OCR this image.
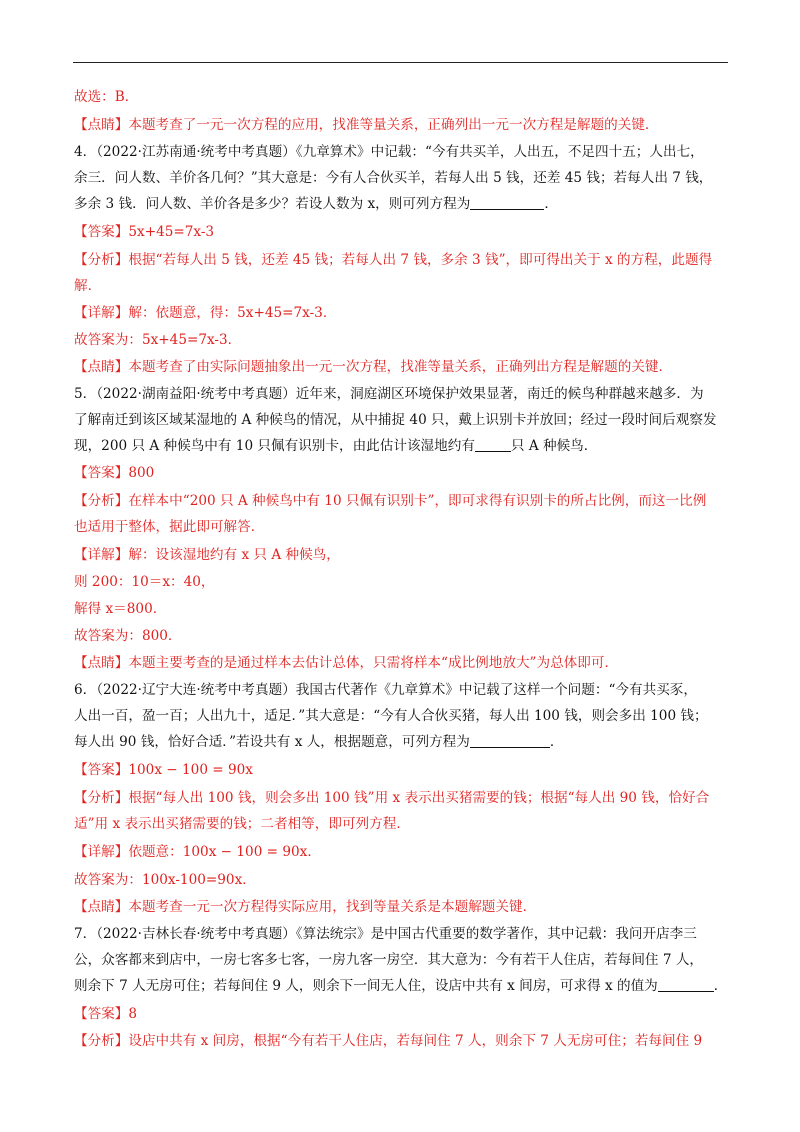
故选：B．
【点睛】本题考查了一元一次方程的应用，找准等量关系，正确列出一元一次方程是解题的关键．
4．（2022·江苏南通·统考中考真题）《九章算术》中记载：“今有共买羊，人出五，不足四十五；人出七，
余三．问人数、羊价各几何？”其大意是：今有人合伙买羊，若每人出 5 钱，还差 45 钱；若每人出 7 钱，
多余 3 钱．问人数、羊价各是多少？若设人数为 x，则可列方程为	．
【答案】5x+45=7x-3
【分析】根据“若每人出 5 钱，还差 45 钱；若每人出 7 钱，多余 3 钱”，即可得出关于 x 的方程，此题得
解．
【详解】解：依题意，得：5x+45=7x-3．
故答案为：5x+45=7x-3．
【点睛】本题考查了由实际问题抽象出一元一次方程，找准等量关系，正确列出方程是解题的关键．
5．（2022·湖南益阳·统考中考真题）近年来，洞庭湖区环境保护效果显著，南迁的候鸟种群越来越多．为
了解南迁到该区域某湿地的 A 种候鸟的情况，从中捕捉 40 只，戴上识别卡并放回；经过一段时间后观察发
现，200 只 A 种候鸟中有 10 只佩有识别卡，由此估计该湿地约有	只 A 种候鸟．
【答案】800
【分析】在样本中“200 只 A 种候鸟中有 10 只佩有识别卡”，即可求得有识别卡的所占比例，而这一比例
也适用于整体，据此即可解答．
【详解】解：设该湿地约有 x 只 A 种候鸟，
则 200：10＝x：40，
解得 x＝800．
故答案为：800．
【点睛】本题主要考查的是通过样本去估计总体，只需将样本“成比例地放大”为总体即可．
6．（2022·辽宁大连·统考中考真题）我国古代著作《九章算术》中记载了这样一个问题：“今有共买豕，
人出一百，盈一百；人出九十，适足．”其大意是：“今有人合伙买猪，每人出 100 钱，则会多出 100 钱；
每人出 90 钱，恰好合适．”若设共有 x 人，根据题意，可列方程为	．
【答案】100x − 100 = 90x
【分析】根据“每人出 100 钱，则会多出 100 钱”用 x 表示出买猪需要的钱；根据“每人出 90 钱，恰好合
适”用 x 表示出买猪需要的钱；二者相等，即可列方程．
【详解】依题意：100x − 100 = 90x．
故答案为：100x-100=90x．
【点睛】本题考查一元一次方程得实际应用，找到等量关系是本题解题关键．
7．（2022·吉林长春·统考中考真题）《算法统宗》是中国古代重要的数学著作，其中记载：我问开店李三
公，众客都来到店中，一房七客多七客，一房九客一房空．其大意为：今有若干人住店，若每间住 7 人，
则余下 7 人无房可住；若每间住 9 人，则余下一间无人住，设店中共有 x 间房，可求得 x 的值为	．
【答案】8
【分析】设店中共有 x 间房，根据“今有若干人住店，若每间住 7 人，则余下 7 人无房可住；若每间住 9
